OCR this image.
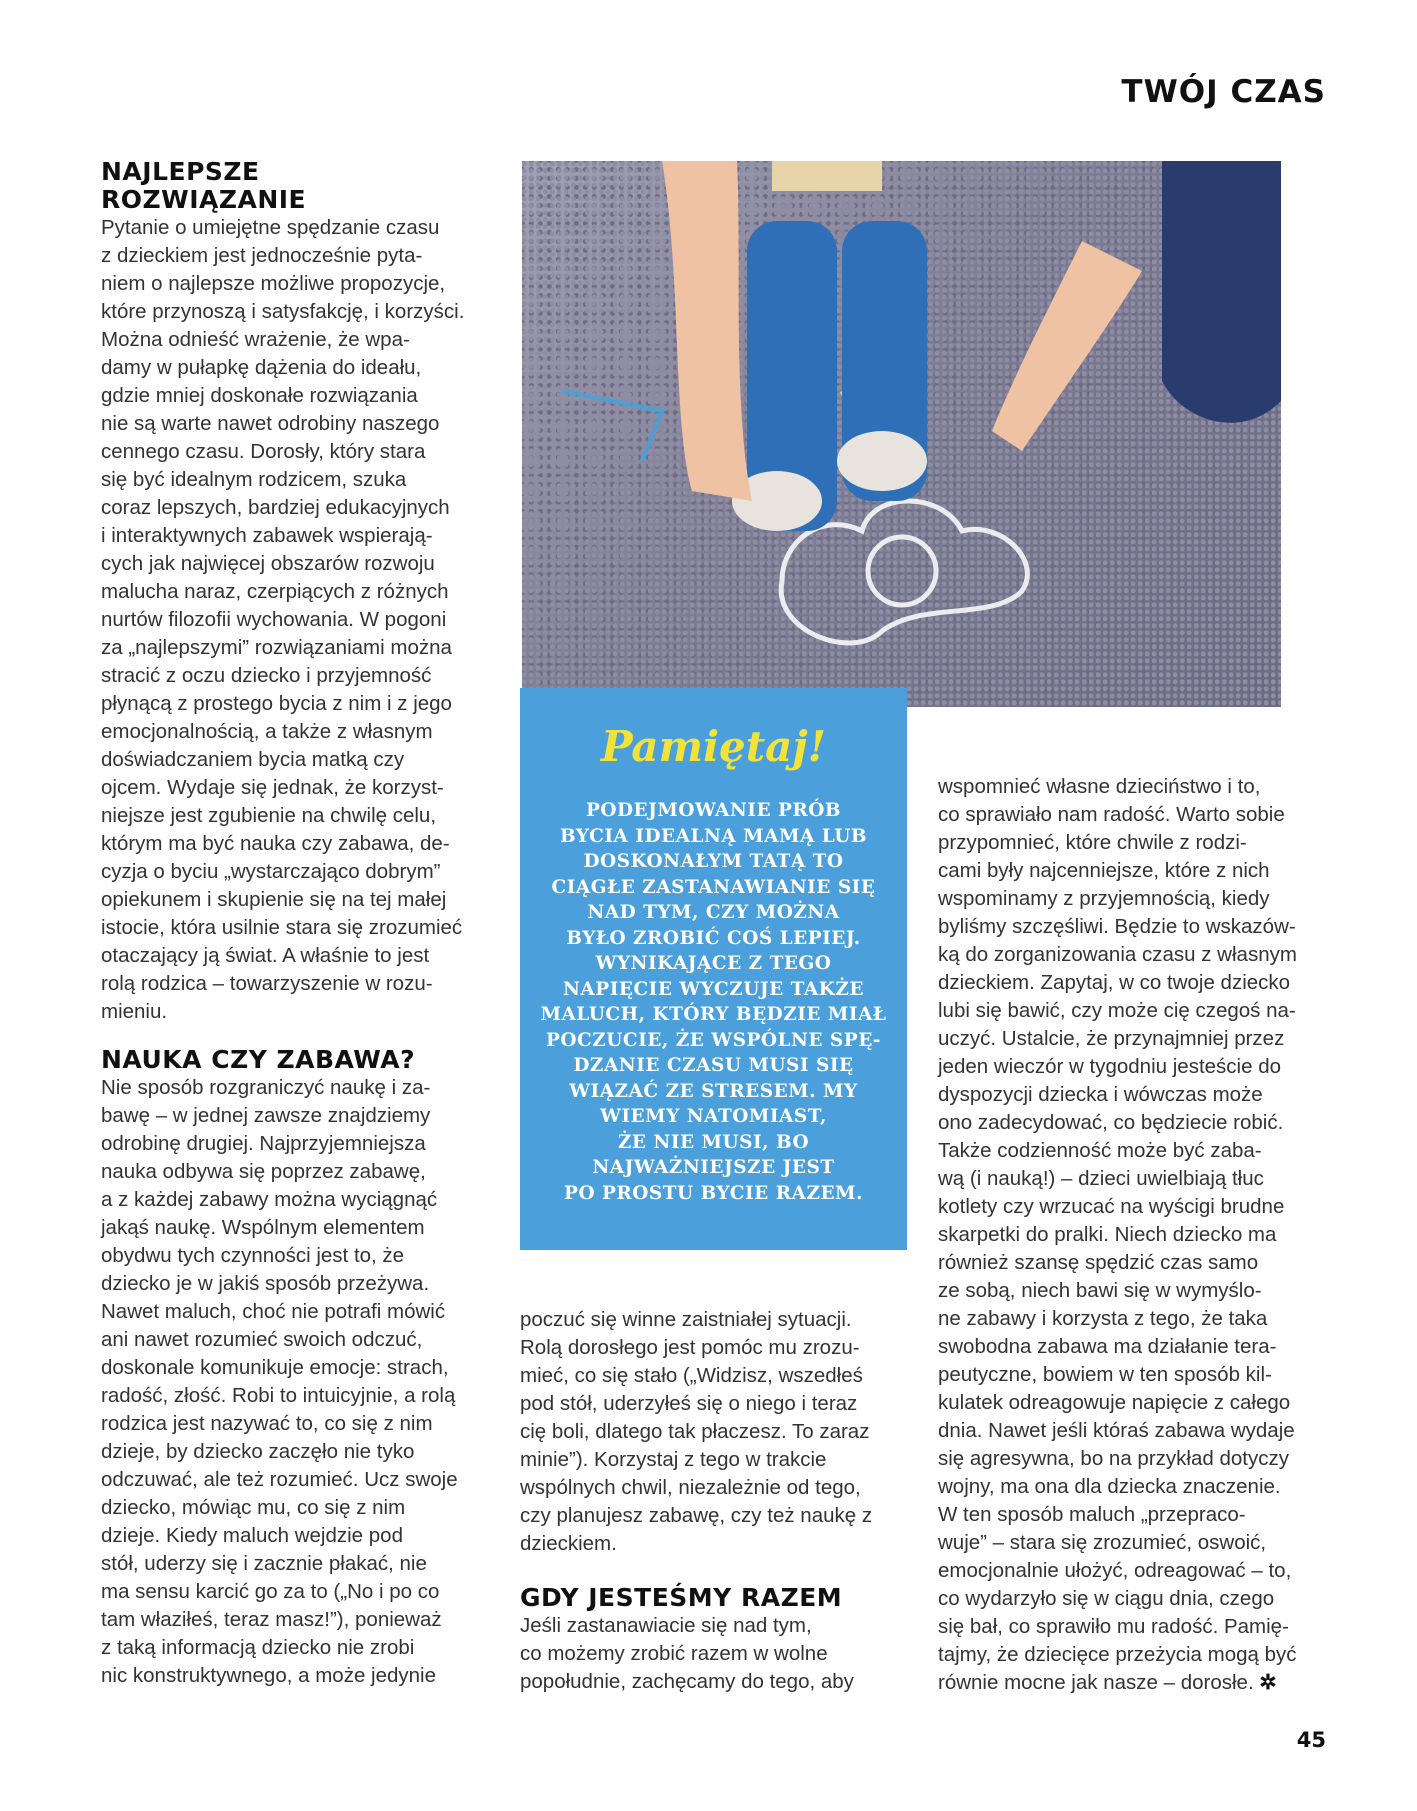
TWÓJ CZAS
NAJLEPSZE
ROZWIĄZANIE
Pytanie o umiejętne spędzanie czasu
z dzieckiem jest jednocześnie pyta-
niem o najlepsze możliwe propozycje,
które przynoszą i satysfakcję, i korzyści.
Można odnieść wrażenie, że wpa-
damy w pułapkę dążenia do ideału,
gdzie mniej doskonałe rozwiązania
nie są warte nawet odrobiny naszego
cennego czasu. Dorosły, który stara
się być idealnym rodzicem, szuka
coraz lepszych, bardziej edukacyjnych
i interaktywnych zabawek wspierają-
cych jak najwięcej obszarów rozwoju
malucha naraz, czerpiących z różnych
nurtów filozofii wychowania. W pogoni
za „najlepszymi” rozwiązaniami można
stracić z oczu dziecko i przyjemność
płynącą z prostego bycia z nim i z jego
emocjonalnością, a także z własnym
doświadczaniem bycia matką czy
ojcem. Wydaje się jednak, że korzyst-
niejsze jest zgubienie na chwilę celu,
którym ma być nauka czy zabawa, de-
cyzja o byciu „wystarczająco dobrym”
opiekunem i skupienie się na tej małej
istocie, która usilnie stara się zrozumieć
otaczający ją świat. A właśnie to jest
rolą rodzica – towarzyszenie w rozu-
mieniu.
NAUKA CZY ZABAWA?
Nie sposób rozgraniczyć naukę i za-
bawę – w jednej zawsze znajdziemy
odrobinę drugiej. Najprzyjemniejsza
nauka odbywa się poprzez zabawę,
a z każdej zabawy można wyciągnąć
jakąś naukę. Wspólnym elementem
obydwu tych czynności jest to, że
dziecko je w jakiś sposób przeżywa.
Nawet maluch, choć nie potrafi mówić
ani nawet rozumieć swoich odczuć,
doskonale komunikuje emocje: strach,
radość, złość. Robi to intuicyjnie, a rolą
rodzica jest nazywać to, co się z nim
dzieje, by dziecko zaczęło nie tyko
odczuwać, ale też rozumieć. Ucz swoje
dziecko, mówiąc mu, co się z nim
dzieje. Kiedy maluch wejdzie pod
stół, uderzy się i zacznie płakać, nie
ma sensu karcić go za to („No i po co
tam właziłeś, teraz masz!”), ponieważ
z taką informacją dziecko nie zrobi
nic konstruktywnego, a może jedynie

Pamiętaj!

PODEJMOWANIE PRÓB
BYCIA IDEALNĄ MAMĄ LUB
DOSKONAŁYM TATĄ TO
CIĄGŁE ZASTANAWIANIE SIĘ
NAD TYM, CZY MOŻNA
BYŁO ZROBIĆ COŚ LEPIEJ.
WYNIKAJĄCE Z TEGO
NAPIĘCIE WYCZUJE TAKŻE
MALUCH, KTÓRY BĘDZIE MIAŁ
POCZUCIE, ŻE WSPÓLNE SPĘ-
DZANIE CZASU MUSI SIĘ
WIĄZAĆ ZE STRESEM. MY
WIEMY NATOMIAST,
ŻE NIE MUSI, BO
NAJWAŻNIEJSZE JEST
PO PROSTU BYCIE RAZEM.
poczuć się winne zaistniałej sytuacji.
Rolą dorosłego jest pomóc mu zrozu-
mieć, co się stało („Widzisz, wszedłeś
pod stół, uderzyłeś się o niego i teraz
cię boli, dlatego tak płaczesz. To zaraz
minie”). Korzystaj z tego w trakcie
wspólnych chwil, niezależnie od tego,
czy planujesz zabawę, czy też naukę z
dzieckiem.
GDY JESTEŚMY RAZEM
Jeśli zastanawiacie się nad tym,
co możemy zrobić razem w wolne
popołudnie, zachęcamy do tego, aby
wspomnieć własne dzieciństwo i to,
co sprawiało nam radość. Warto sobie
przypomnieć, które chwile z rodzi-
cami były najcenniejsze, które z nich
wspominamy z przyjemnością, kiedy
byliśmy szczęśliwi. Będzie to wskazów-
ką do zorganizowania czasu z własnym
dzieckiem. Zapytaj, w co twoje dziecko
lubi się bawić, czy może cię czegoś na-
uczyć. Ustalcie, że przynajmniej przez
jeden wieczór w tygodniu jesteście do
dyspozycji dziecka i wówczas może
ono zadecydować, co będziecie robić.
Także codzienność może być zaba-
wą (i nauką!) – dzieci uwielbiają tłuc
kotlety czy wrzucać na wyścigi brudne
skarpetki do pralki. Niech dziecko ma
również szansę spędzić czas samo
ze sobą, niech bawi się w wymyślo-
ne zabawy i korzysta z tego, że taka
swobodna zabawa ma działanie tera-
peutyczne, bowiem w ten sposób kil-
kulatek odreagowuje napięcie z całego
dnia. Nawet jeśli któraś zabawa wydaje
się agresywna, bo na przykład dotyczy
wojny, ma ona dla dziecka znaczenie.
W ten sposób maluch „przepraco-
wuje” – stara się zrozumieć, oswoić,
emocjonalnie ułożyć, odreagować – to,
co wydarzyło się w ciągu dnia, czego
się bał, co sprawiło mu radość. Pamię-
tajmy, że dziecięce przeżycia mogą być
równie mocne jak nasze – dorosłe. ✲

45
